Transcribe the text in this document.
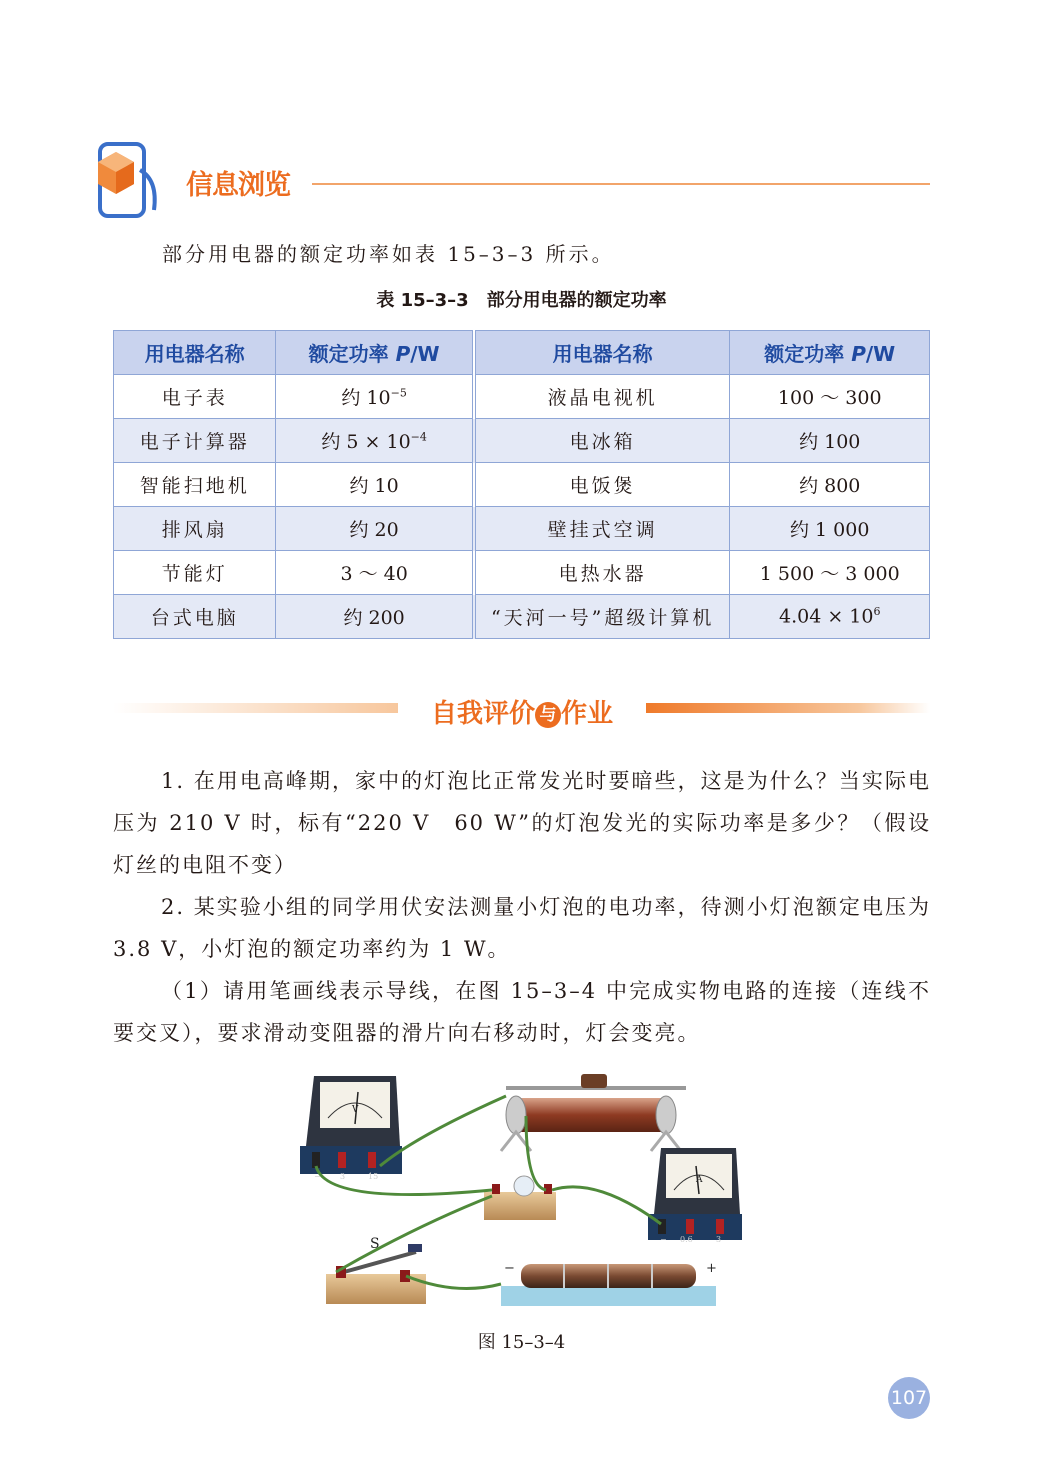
信息浏览
部分用电器的额定功率如表 15–3–3 所示。
表 15–3–3　部分用电器的额定功率
用电器名称	额定功率 P/W		用电器名称	额定功率 P/W
电子表	约 $10^{-5}$		液晶电视机	100 ～ 300
电子计算器	约 $5 \times 10^{-4}$		电冰箱	约 100
智能扫地机	约 10		电饭煲	约 800
排风扇	约 20		壁挂式空调	约 1 000
节能灯	3 ～ 40		电热水器	1 500 ～ 3 000
台式电脑	约 200		“天河一号”超级计算机	$4.04 \times 10^6$
自我评价 与 作业
1. 在用电高峰期，家中的灯泡比正常发光时要暗些，这是为什么？当实际电压为 210 V 时，标有“220 V　60 W”的灯泡发光的实际功率是多少？（假设灯丝的电阻不变）
2. 某实验小组的同学用伏安法测量小灯泡的电功率，待测小灯泡额定电压为 3.8 V，小灯泡的额定功率约为 1 W。
（1）请用笔画线表示导线，在图 15–3–4 中完成实物电路的连接（连线不要交叉），要求滑动变阻器的滑片向右移动时，灯会变亮。
V
− 3	15	A
− 0.6	3
S
−	+
图 15–3–4
107
